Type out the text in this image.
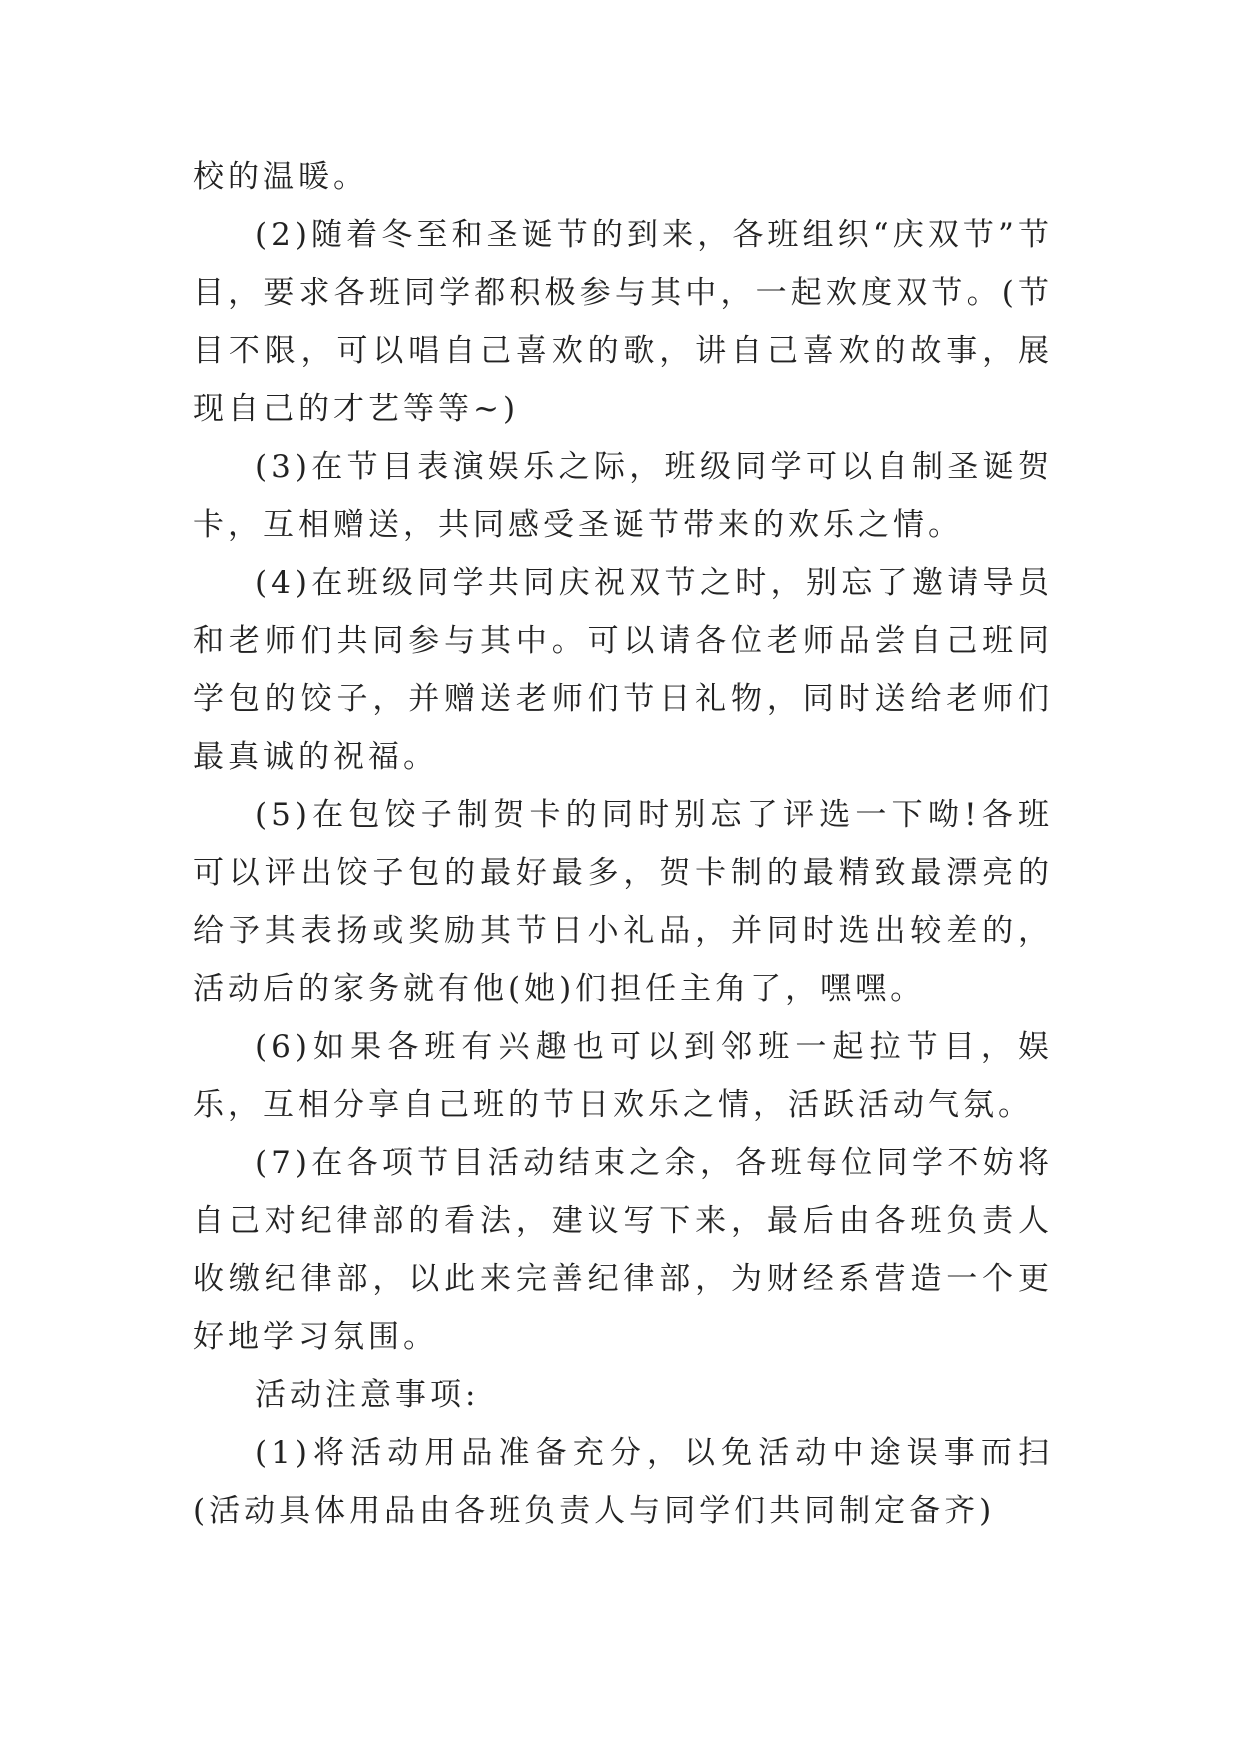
校的温暖。

(2)随着冬至和圣诞节的到来，各班组织“庆双节”节目，要求各班同学都积极参与其中，一起欢度双节。(节目不限，可以唱自己喜欢的歌，讲自己喜欢的故事，展现自己的才艺等等~)

(3)在节目表演娱乐之际，班级同学可以自制圣诞贺卡，互相赠送，共同感受圣诞节带来的欢乐之情。

(4)在班级同学共同庆祝双节之时，别忘了邀请导员和老师们共同参与其中。可以请各位老师品尝自己班同学包的饺子，并赠送老师们节日礼物，同时送给老师们最真诚的祝福。

(5)在包饺子制贺卡的同时别忘了评选一下呦!各班可以评出饺子包的最好最多，贺卡制的最精致最漂亮的给予其表扬或奖励其节日小礼品，并同时选出较差的，活动后的家务就有他(她)们担任主角了，嘿嘿。

(6)如果各班有兴趣也可以到邻班一起拉节目，娱乐，互相分享自己班的节日欢乐之情，活跃活动气氛。

(7)在各项节目活动结束之余，各班每位同学不妨将自己对纪律部的看法，建议写下来，最后由各班负责人收缴纪律部，以此来完善纪律部，为财经系营造一个更好地学习氛围。

活动注意事项:

(1)将活动用品准备充分，以免活动中途误事而扫(活动具体用品由各班负责人与同学们共同制定备齐)
